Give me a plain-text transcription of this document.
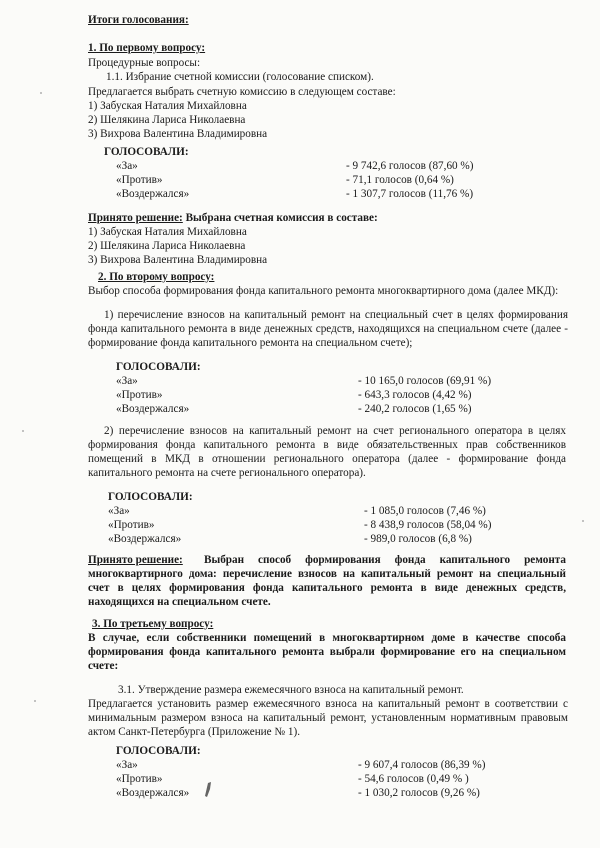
Итоги голосования:
1. По первому вопросу:
Процедурные вопросы:
1.1. Избрание счетной комиссии (голосование списком).
Предлагается выбрать счетную комиссию в следующем составе:
1) Забуская Наталия Михайловна
2) Шелякина Лариса Николаевна
3) Вихрова Валентина Владимировна
ГОЛОСОВАЛИ:
«За»	- 9 742,6 голосов (87,60 %)
«Против»	- 71,1 голосов (0,64 %)
«Воздержался»	- 1 307,7 голосов (11,76 %)
Принято решение: Выбрана счетная комиссия в составе:
1) Забуская Наталия Михайловна
2) Шелякина Лариса Николаевна
3) Вихрова Валентина Владимировна
2. По второму вопросу:
Выбор способа формирования фонда капитального ремонта многоквартирного дома (далее МКД):
1) перечисление взносов на капитальный ремонт на специальный счет в целях формирования
фонда капитального ремонта в виде денежных средств, находящихся на специальном счете (далее -
формирование фонда капитального ремонта на специальном счете);
ГОЛОСОВАЛИ:
«За»	- 10 165,0 голосов (69,91 %)
«Против»	- 643,3 голосов (4,42 %)
«Воздержался»	- 240,2 голосов (1,65 %)
2) перечисление взносов на капитальный ремонт на счет регионального оператора в целях
формирования фонда капитального ремонта в виде обязательственных прав собственников
помещений в МКД в отношении регионального оператора (далее - формирование фонда
капитального ремонта на счете регионального оператора).
ГОЛОСОВАЛИ:
«За»	- 1 085,0 голосов (7,46 %)
«Против»	- 8 438,9 голосов (58,04 %)
«Воздержался»	- 989,0 голосов (6,8 %)
Принято решение: Выбран способ формирования фонда капитального ремонта
многоквартирного дома: перечисление взносов на капитальный ремонт на специальный
счет в целях формирования фонда капитального ремонта в виде денежных средств,
находящихся на специальном счете.
3. По третьему вопросу:
В случае, если собственники помещений в многоквартирном доме в качестве способа
формирования фонда капитального ремонта выбрали формирование его на специальном
счете:
3.1. Утверждение размера ежемесячного взноса на капитальный ремонт.
Предлагается установить размер ежемесячного взноса на капитальный ремонт в соответствии с
минимальным размером взноса на капитальный ремонт, установленным нормативным правовым
актом Санкт-Петербурга (Приложение № 1).
ГОЛОСОВАЛИ:
«За»	- 9 607,4 голосов (86,39 %)
«Против»	- 54,6 голосов (0,49 % )
«Воздержался»	- 1 030,2 голосов (9,26 %)
